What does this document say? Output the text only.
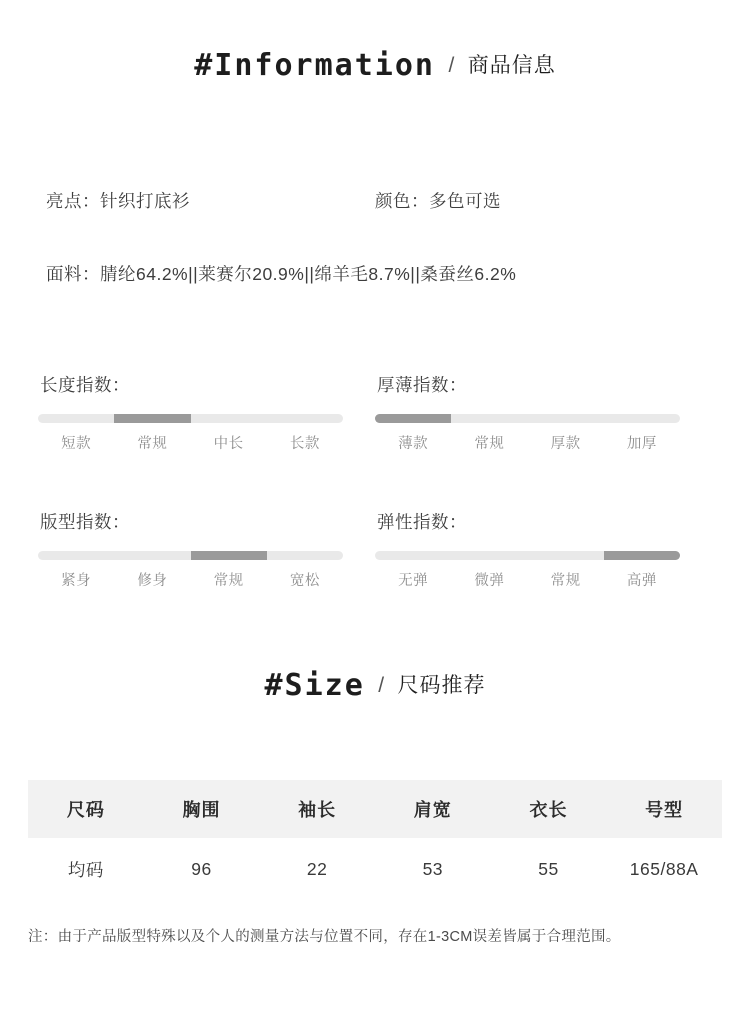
#Information / 商品信息
亮点：针织打底衫	颜色：多色可选
面料：腈纶64.2%||莱赛尔20.9%||绵羊毛8.7%||桑蚕丝6.2%
长度指数：
短款	常规	中长	长款
厚薄指数：
薄款	常规	厚款	加厚
版型指数：
紧身	修身	常规	宽松
弹性指数：
无弹	微弹	常规	高弹
#Size / 尺码推荐
尺码	胸围	袖长	肩宽	衣长	号型
均码	96	22	53	55	165/88A
注：由于产品版型特殊以及个人的测量方法与位置不同，存在1-3CM误差皆属于合理范围。
